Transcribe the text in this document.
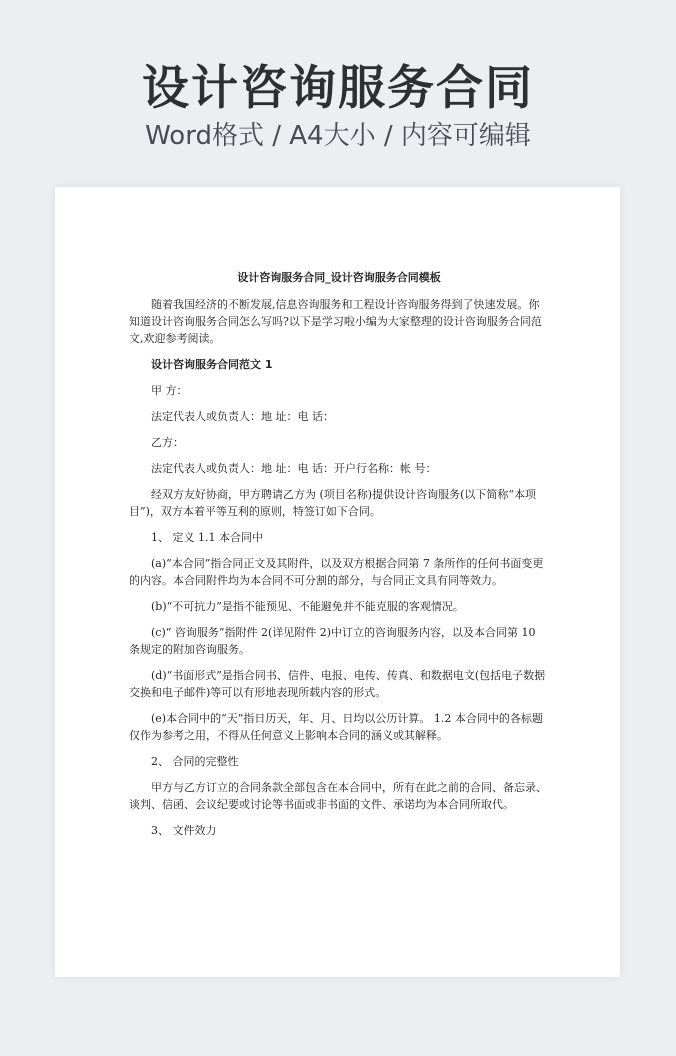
设计咨询服务合同
Word格式 / A4大小 / 内容可编辑
设计咨询服务合同_设计咨询服务合同模板

随着我国经济的不断发展,信息咨询服务和工程设计咨询服务得到了快速发展。你知道设计咨询服务合同怎么写吗?以下是学习啦小编为大家整理的设计咨询服务合同范文,欢迎参考阅读。

设计咨询服务合同范文 1

甲 方：

法定代表人或负责人：地 址：电 话：

乙方：

法定代表人或负责人：地 址：电 话：开户行名称：帐 号：

经双方友好协商，甲方聘请乙方为 (项目名称)提供设计咨询服务(以下简称“本项目”)，双方本着平等互利的原则，特签订如下合同。

1、 定义 1.1 本合同中

(a)“本合同”指合同正文及其附件，以及双方根据合同第 7 条所作的任何书面变更的内容。本合同附件均为本合同不可分割的部分，与合同正文具有同等效力。

(b)“不可抗力”是指不能预见、不能避免并不能克服的客观情况。

(c)“ 咨询服务”指附件 2(详见附件 2)中订立的咨询服务内容，以及本合同第 10 条规定的附加咨询服务。

(d)“书面形式”是指合同书、信件、电报、电传、传真、和数据电文(包括电子数据交换和电子邮件)等可以有形地表现所载内容的形式。

(e)本合同中的“天”指日历天，年、月、日均以公历计算。 1.2 本合同中的各标题仅作为参考之用，不得从任何意义上影响本合同的涵义或其解释。

2、 合同的完整性

甲方与乙方订立的合同条款全部包含在本合同中，所有在此之前的合同、备忘录、谈判、信函、会议纪要或讨论等书面或非书面的文件、承诺均为本合同所取代。

3、 文件效力
